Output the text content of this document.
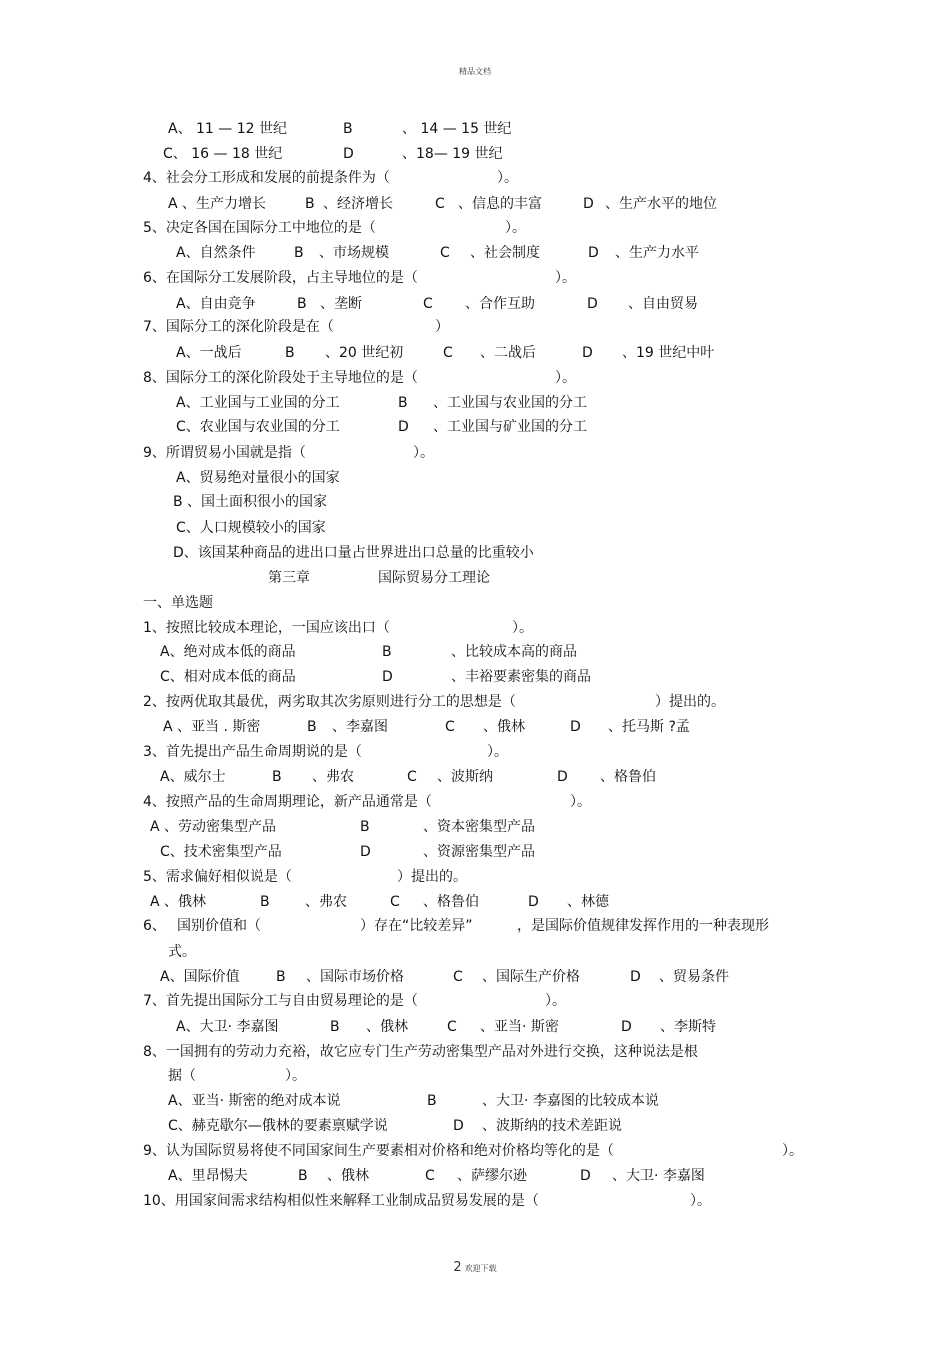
精品文档
A、 11 — 12 世纪	B	、 14 — 15 世纪
C、 16 — 18 世纪	D	、18— 19 世纪
4、社会分工形成和发展的前提条件为（	）。
A 、生产力增长	B 、经济增长	C 、信息的丰富	D 、生产水平的地位
5、决定各国在国际分工中地位的是（	）。
A、自然条件	B 、市场规模	C 、社会制度	D 、生产力水平
6、在国际分工发展阶段，占主导地位的是（	）。
A、自由竞争	B 、垄断	C 、合作互助	D 、自由贸易
7、国际分工的深化阶段是在（	）
A、一战后	B 、20 世纪初	C 、二战后	D 、19 世纪中叶
8、国际分工的深化阶段处于主导地位的是（	）。
A、工业国与工业国的分工	B 、工业国与农业国的分工
C、农业国与农业国的分工	D 、工业国与矿业国的分工
9、所谓贸易小国就是指（	）。
A、贸易绝对量很小的国家
B 、国土面积很小的国家
C、人口规模较小的国家
D、该国某种商品的进出口量占世界进出口总量的比重较小
第三章	国际贸易分工理论
一、单选题
1、按照比较成本理论，一国应该出口（	）。
A、绝对成本低的商品	B	、比较成本高的商品
C、相对成本低的商品	D	、丰裕要素密集的商品
2、按两优取其最优，两劣取其次劣原则进行分工的思想是（	）提出的。
A 、亚当 . 斯密	B 、李嘉图	C 、俄林	D 、托马斯 ?孟
3、首先提出产品生命周期说的是（	）。
A、威尔士	B 、弗农	C 、波斯纳	D 、格鲁伯
4、按照产品的生命周期理论，新产品通常是（	）。
A 、劳动密集型产品	B	、资本密集型产品
C、技术密集型产品	D	、资源密集型产品
5、需求偏好相似说是（	）提出的。
A 、俄林	B	、弗农	C 、格鲁伯	D 、林德
6、 国别价值和（	）存在“比较差异”	，是国际价值规律发挥作用的一种表现形
式。
A、国际价值	B 、国际市场价格	C 、国际生产价格	D 、贸易条件
7、首先提出国际分工与自由贸易理论的是（	）。
A、大卫· 李嘉图	B 、俄林	C 、亚当· 斯密	D 、李斯特
8、一国拥有的劳动力充裕，故它应专门生产劳动密集型产品对外进行交换，这种说法是根
据（	）。
A、亚当· 斯密的绝对成本说	B	、大卫· 李嘉图的比较成本说
C、赫克歇尔—俄林的要素禀赋学说	D 、波斯纳的技术差距说
9、认为国际贸易将使不同国家间生产要素相对价格和绝对价格均等化的是（	）。
A、里昂惕夫	B 、俄林	C 、萨缪尔逊	D 、大卫· 李嘉图
10、用国家间需求结构相似性来解释工业制成品贸易发展的是（	）。
2 欢迎下载
